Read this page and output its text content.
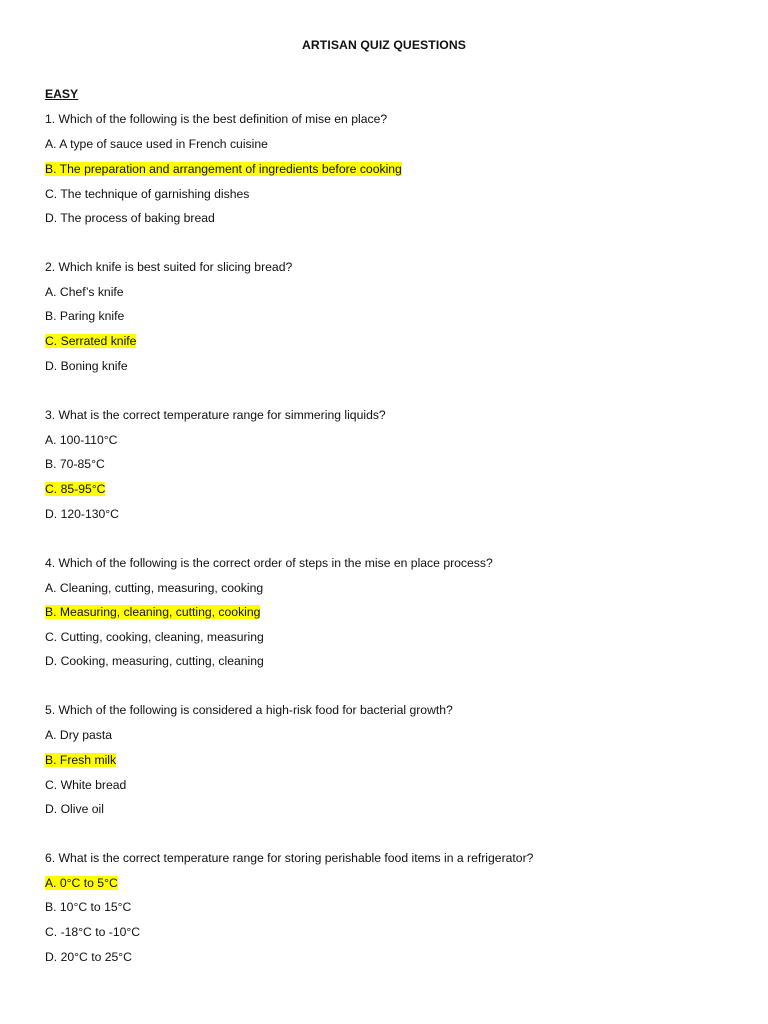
ARTISAN QUIZ QUESTIONS
EASY
1. Which of the following is the best definition of mise en place?
A. A type of sauce used in French cuisine
B. The preparation and arrangement of ingredients before cooking
C. The technique of garnishing dishes
D. The process of baking bread
2. Which knife is best suited for slicing bread?
A. Chef’s knife
B. Paring knife
C. Serrated knife
D. Boning knife
3. What is the correct temperature range for simmering liquids?
A. 100-110°C
B. 70-85°C
C. 85-95°C
D. 120-130°C
4. Which of the following is the correct order of steps in the mise en place process?
A. Cleaning, cutting, measuring, cooking
B. Measuring, cleaning, cutting, cooking
C. Cutting, cooking, cleaning, measuring
D. Cooking, measuring, cutting, cleaning
5. Which of the following is considered a high-risk food for bacterial growth?
A. Dry pasta
B. Fresh milk
C. White bread
D. Olive oil
6. What is the correct temperature range for storing perishable food items in a refrigerator?
A. 0°C to 5°C
B. 10°C to 15°C
C. -18°C to -10°C
D. 20°C to 25°C
